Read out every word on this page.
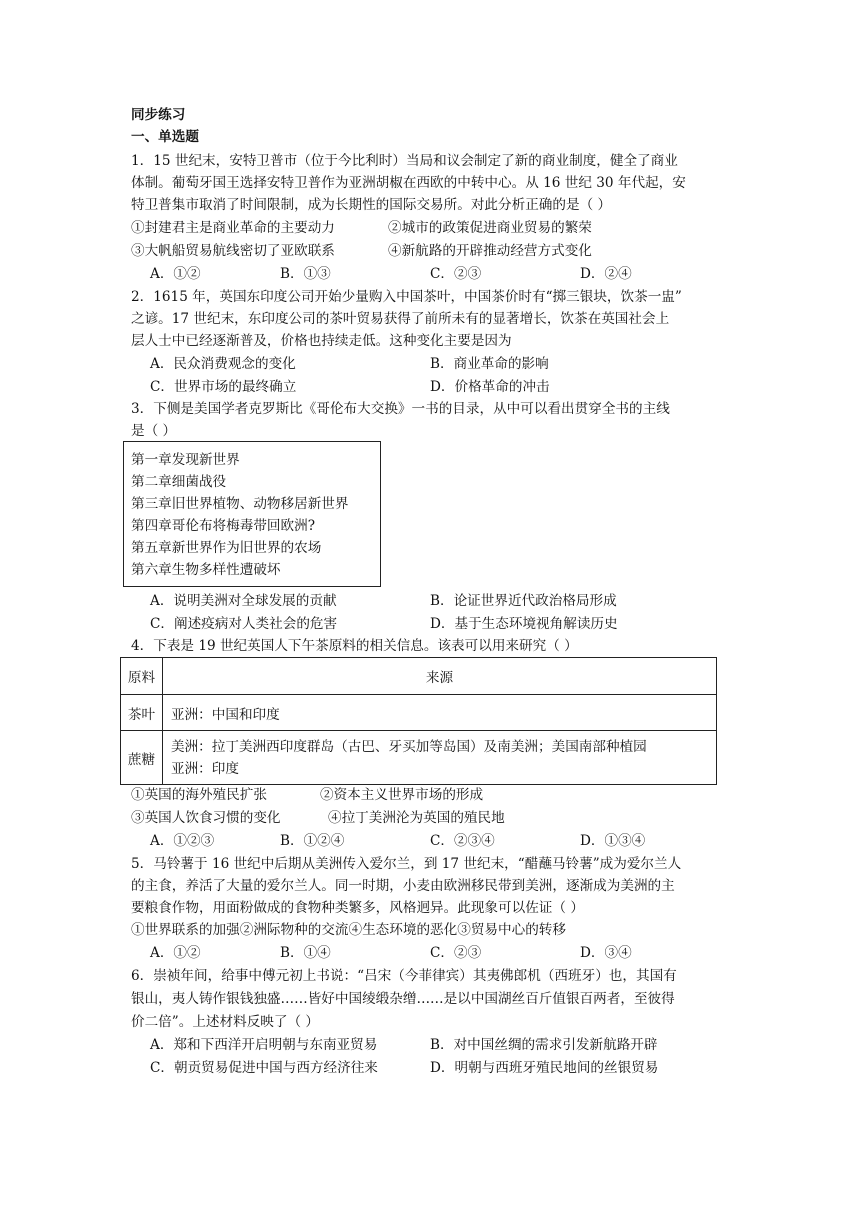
同步练习
一、单选题
1．15 世纪末，安特卫普市（位于今比利时）当局和议会制定了新的商业制度，健全了商业
体制。葡萄牙国王选择安特卫普作为亚洲胡椒在西欧的中转中心。从 16 世纪 30 年代起，安
特卫普集市取消了时间限制，成为长期性的国际交易所。对此分析正确的是（ ）
①封建君主是商业革命的主要动力	②城市的政策促进商业贸易的繁荣
③大帆船贸易航线密切了亚欧联系	④新航路的开辟推动经营方式变化
A．①②	B．①③	C．②③	D．②④
2．1615 年，英国东印度公司开始少量购入中国茶叶，中国茶价时有“掷三银块，饮茶一盅”
之谚。17 世纪末，东印度公司的茶叶贸易获得了前所未有的显著增长，饮茶在英国社会上
层人士中已经逐渐普及，价格也持续走低。这种变化主要是因为
A．民众消费观念的变化	B．商业革命的影响
C．世界市场的最终确立	D．价格革命的冲击
3．下侧是美国学者克罗斯比《哥伦布大交换》一书的目录，从中可以看出贯穿全书的主线
是（ ）
第一章发现新世界
第二章细菌战役
第三章旧世界植物、动物移居新世界
第四章哥伦布将梅毒带回欧洲?
第五章新世界作为旧世界的农场
第六章生物多样性遭破坏
A．说明美洲对全球发展的贡献	B．论证世界近代政治格局形成
C．阐述疫病对人类社会的危害	D．基于生态环境视角解读历史
4．下表是 19 世纪英国人下午茶原料的相关信息。该表可以用来研究（ ）
原料	来源
茶叶	亚洲：中国和印度
蔗糖	美洲：拉丁美洲西印度群岛（古巴、牙买加等岛国）及南美洲；美国南部种植园
亚洲：印度
①英国的海外殖民扩张	②资本主义世界市场的形成
③英国人饮食习惯的变化	④拉丁美洲沦为英国的殖民地
A．①②③	B．①②④	C．②③④	D．①③④
5．马铃薯于 16 世纪中后期从美洲传入爱尔兰，到 17 世纪末，“醋蘸马铃薯”成为爱尔兰人
的主食，养活了大量的爱尔兰人。同一时期，小麦由欧洲移民带到美洲，逐渐成为美洲的主
要粮食作物，用面粉做成的食物种类繁多，风格迥异。此现象可以佐证（ ）
①世界联系的加强②洲际物种的交流④生态环境的恶化③贸易中心的转移
A．①②	B．①④	C．②③	D．③④
6．崇祯年间，给事中傅元初上书说：“吕宋（今菲律宾）其夷佛郎机（西班牙）也，其国有
银山，夷人铸作银钱独盛……皆好中国绫缎杂缯……是以中国湖丝百斤值银百两者，至彼得
价二倍”。上述材料反映了（ ）
A．郑和下西洋开启明朝与东南亚贸易	B．对中国丝绸的需求引发新航路开辟
C．朝贡贸易促进中国与西方经济往来	D．明朝与西班牙殖民地间的丝银贸易
